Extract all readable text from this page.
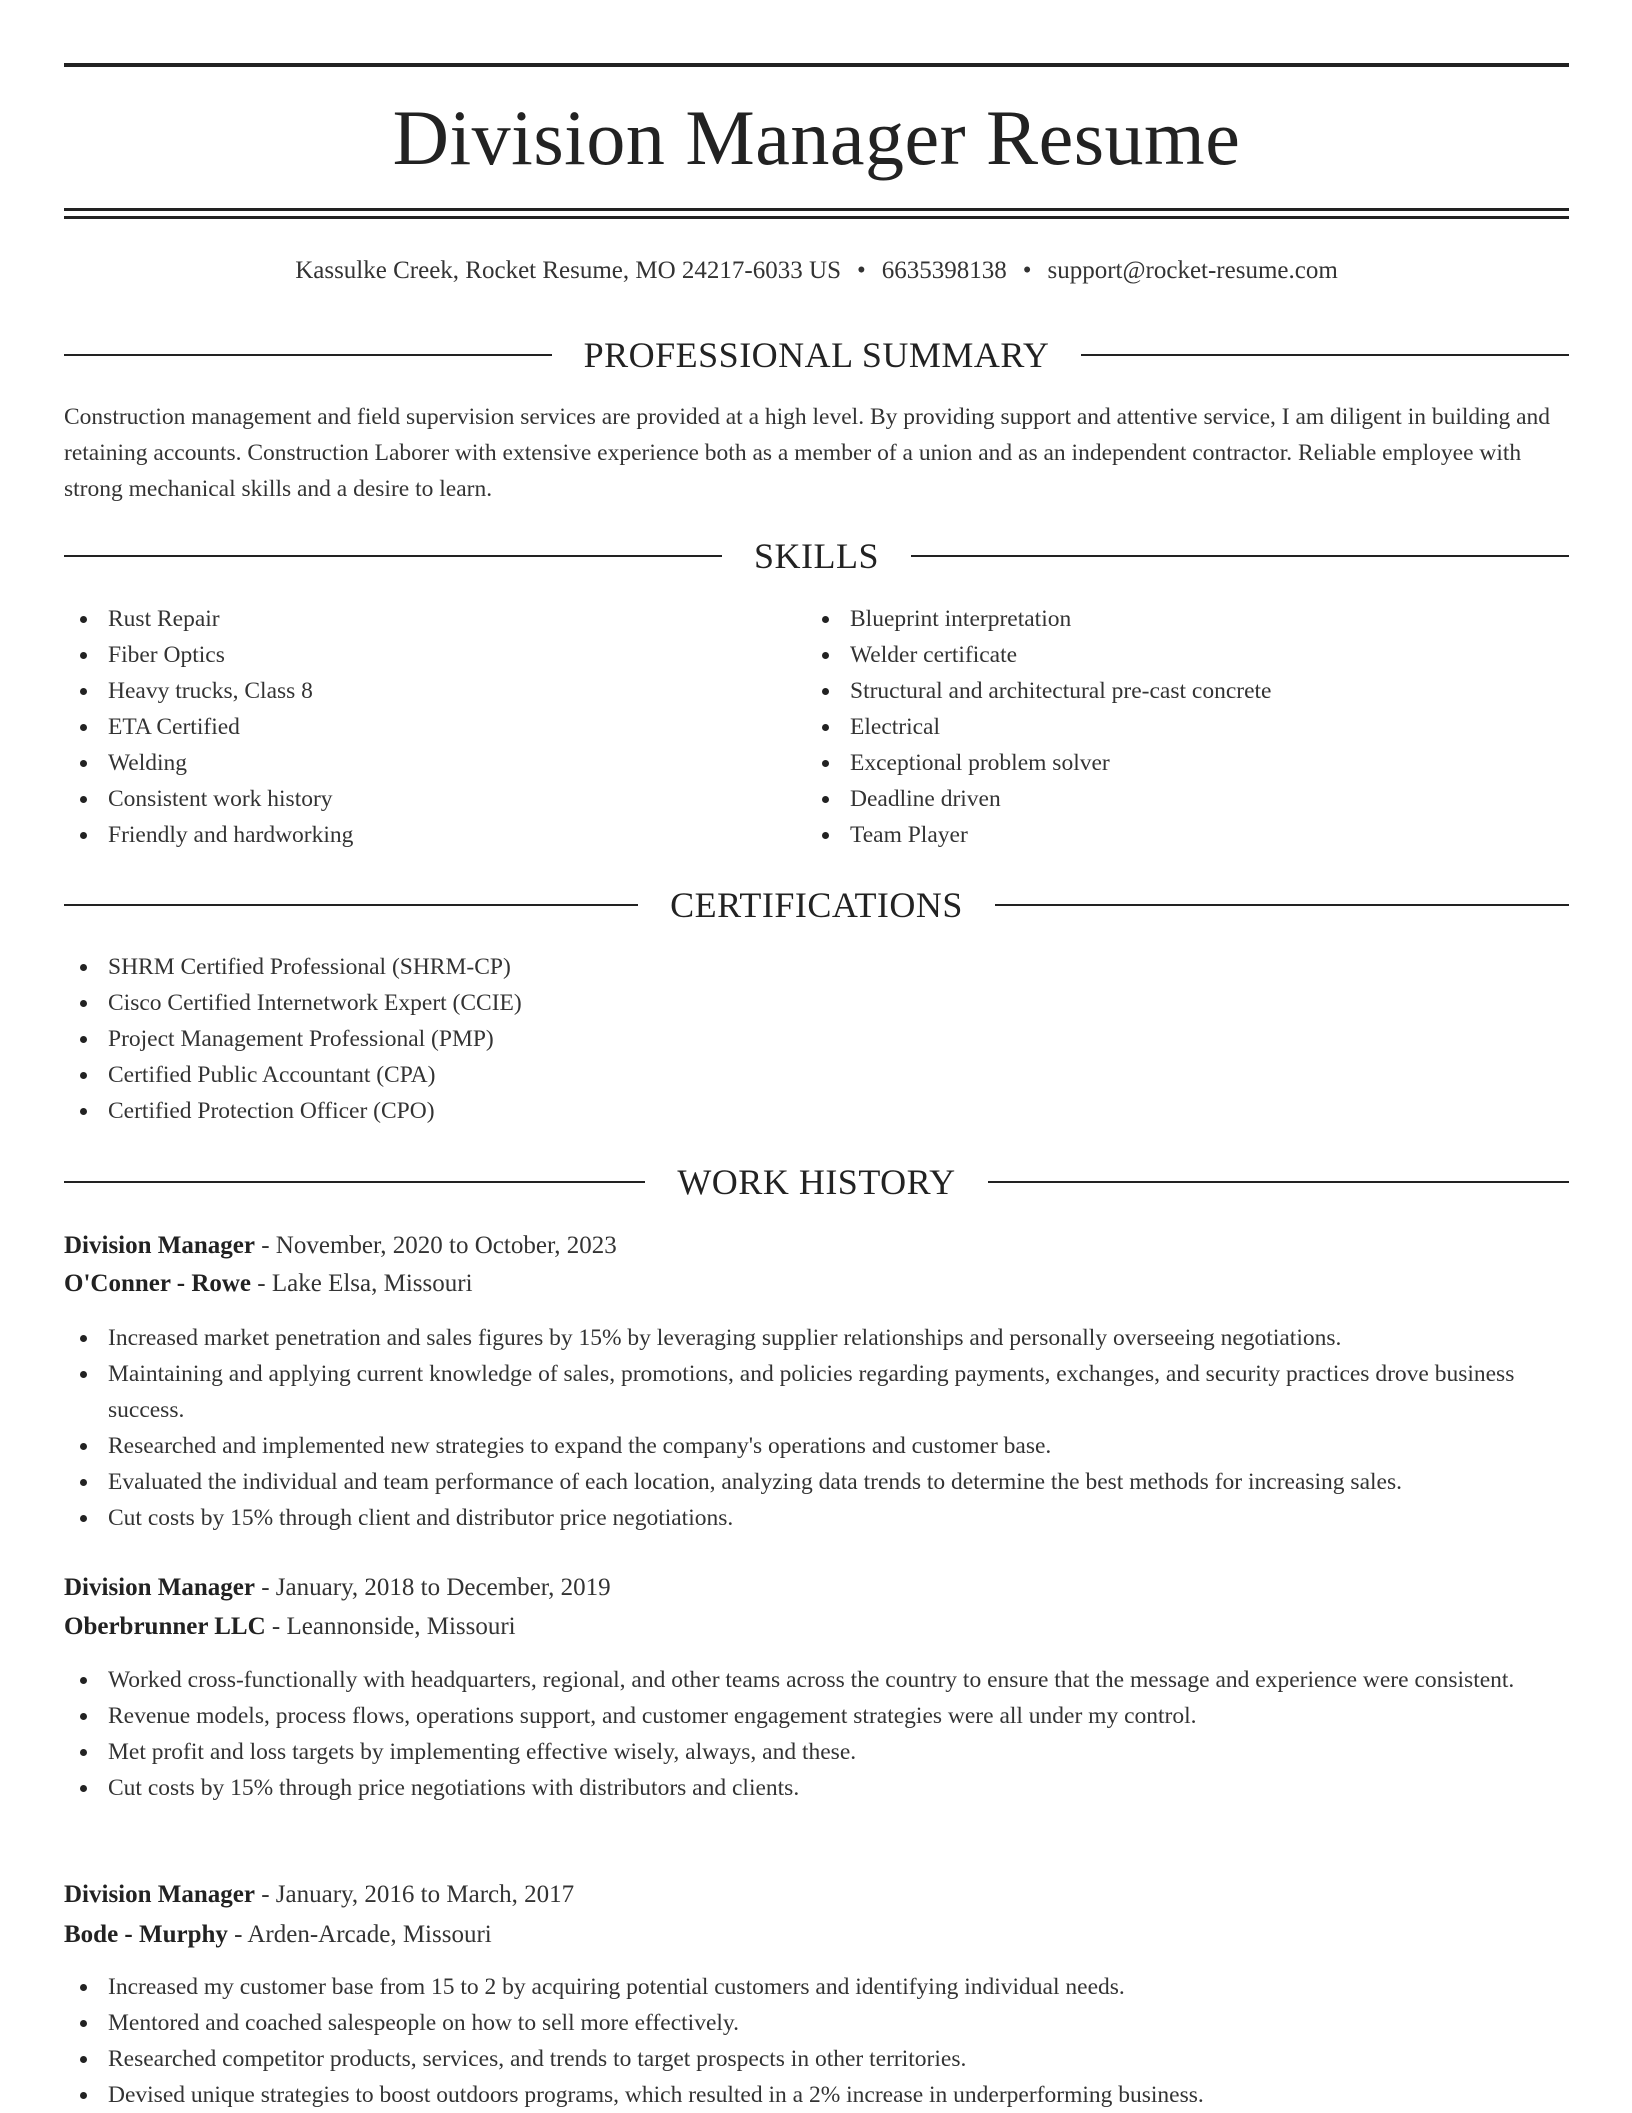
Division Manager Resume
Kassulke Creek, Rocket Resume, MO 24217-6033 US • 6635398138 • support@rocket-resume.com
PROFESSIONAL SUMMARY
Construction management and field supervision services are provided at a high level. By providing support and attentive service, I am diligent in building and retaining accounts. Construction Laborer with extensive experience both as a member of a union and as an independent contractor. Reliable employee with strong mechanical skills and a desire to learn.
SKILLS
Rust Repair
Fiber Optics
Heavy trucks, Class 8
ETA Certified
Welding
Consistent work history
Friendly and hardworking
Blueprint interpretation
Welder certificate
Structural and architectural pre-cast concrete
Electrical
Exceptional problem solver
Deadline driven
Team Player
CERTIFICATIONS
SHRM Certified Professional (SHRM-CP)
Cisco Certified Internetwork Expert (CCIE)
Project Management Professional (PMP)
Certified Public Accountant (CPA)
Certified Protection Officer (CPO)
WORK HISTORY
Division Manager - November, 2020 to October, 2023
O'Conner - Rowe - Lake Elsa, Missouri
Increased market penetration and sales figures by 15% by leveraging supplier relationships and personally overseeing negotiations.
Maintaining and applying current knowledge of sales, promotions, and policies regarding payments, exchanges, and security practices drove business success.
Researched and implemented new strategies to expand the company's operations and customer base.
Evaluated the individual and team performance of each location, analyzing data trends to determine the best methods for increasing sales.
Cut costs by 15% through client and distributor price negotiations.
Division Manager - January, 2018 to December, 2019
Oberbrunner LLC - Leannonside, Missouri
Worked cross-functionally with headquarters, regional, and other teams across the country to ensure that the message and experience were consistent.
Revenue models, process flows, operations support, and customer engagement strategies were all under my control.
Met profit and loss targets by implementing effective wisely, always, and these.
Cut costs by 15% through price negotiations with distributors and clients.
Division Manager - January, 2016 to March, 2017
Bode - Murphy - Arden-Arcade, Missouri
Increased my customer base from 15 to 2 by acquiring potential customers and identifying individual needs.
Mentored and coached salespeople on how to sell more effectively.
Researched competitor products, services, and trends to target prospects in other territories.
Devised unique strategies to boost outdoors programs, which resulted in a 2% increase in underperforming business.
